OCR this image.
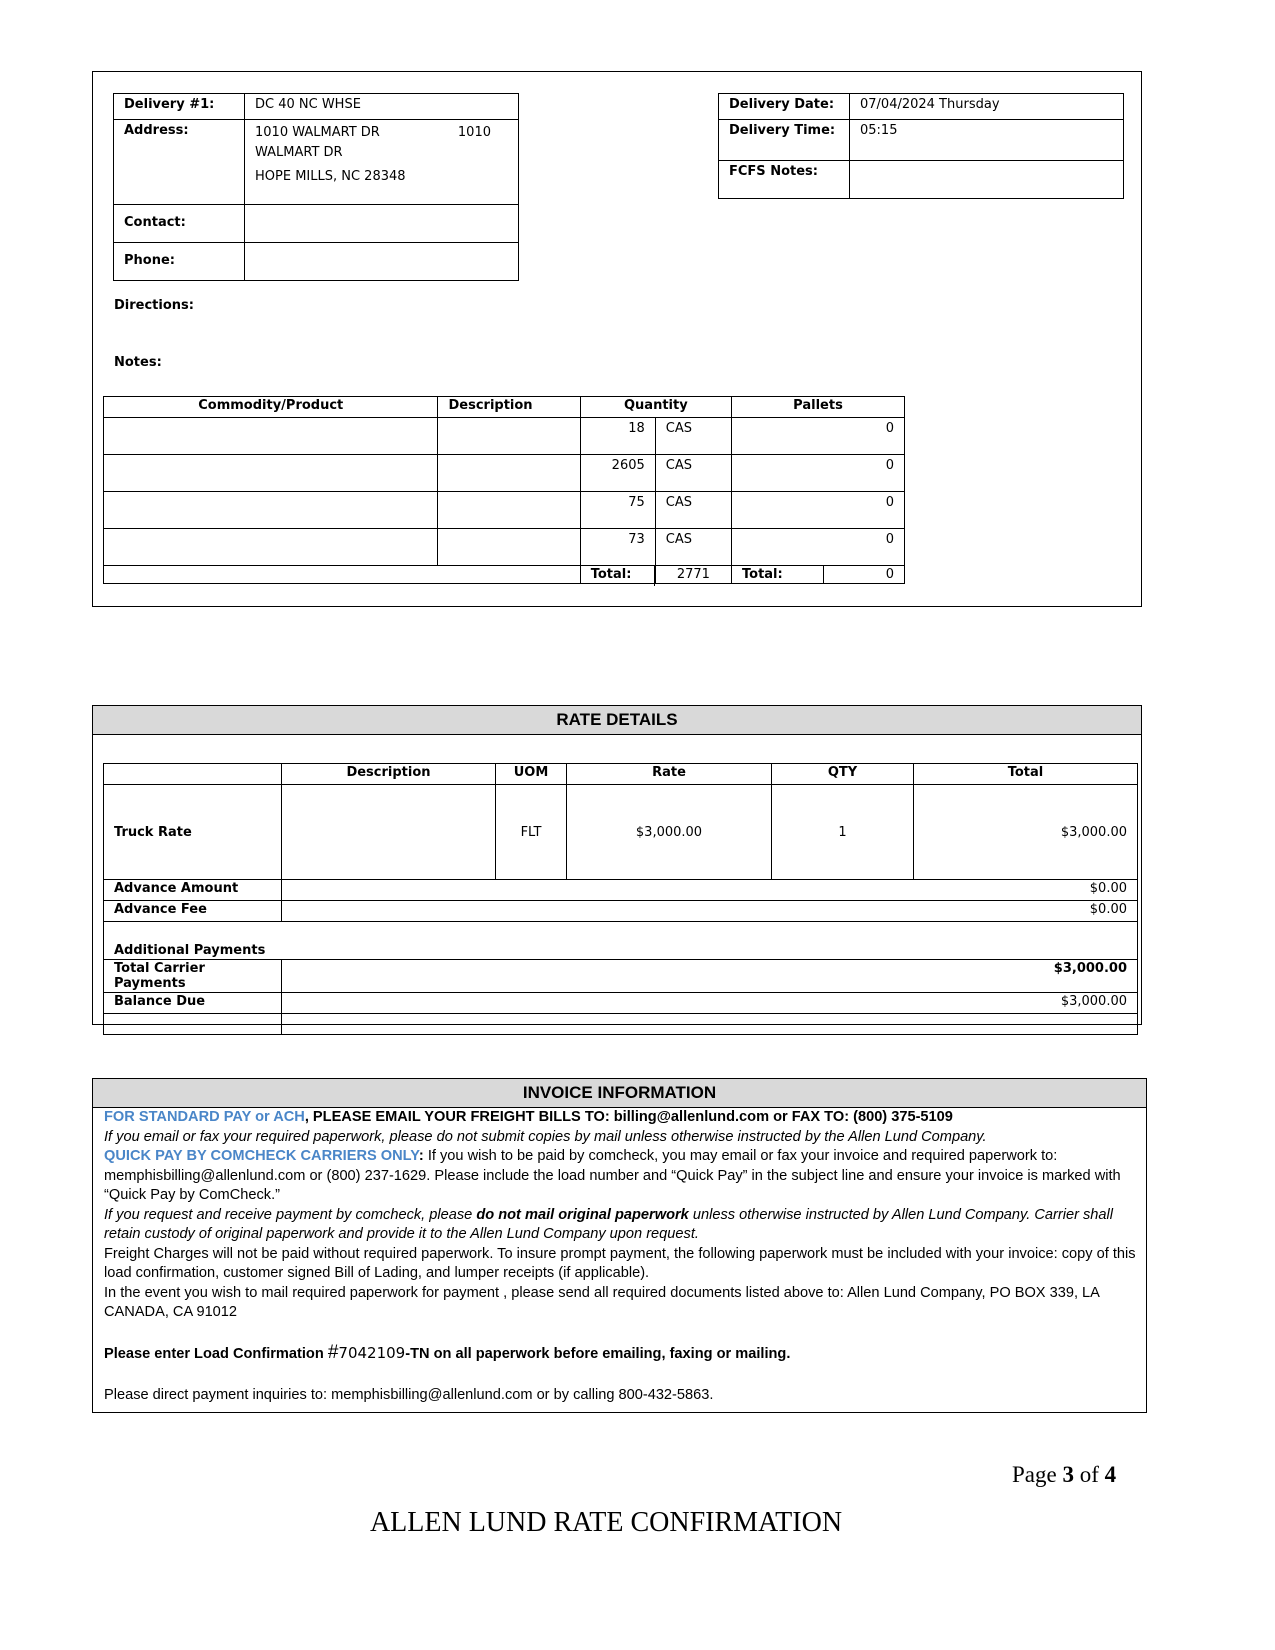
Delivery #1:	DC 40 NC WHSE
Address:	1010 WALMART DR 1010
WALMART DR
	HOPE MILLS, NC 28348
Contact:	
Phone:	
Delivery Date:	07/04/2024 Thursday
Delivery Time:	05:15
FCFS Notes:	
Directions:
Notes:
Commodity/Product	Description	Quantity		Pallets	
		18	CAS	0	
		2605	CAS	0	
		75	CAS	0	
		73	CAS	0	
		Total:	2771	Total:	0
RATE DETAILS
	Description	UOM	Rate	QTY	Total
Truck Rate		FLT	$3,000.00	1	$3,000.00
Advance Amount	$0.00				
Advance Fee	$0.00				
Additional Payments					
Total Carrier Payments	$3,000.00				
Balance Due	$3,000.00				

INVOICE INFORMATION
FOR STANDARD PAY or ACH, PLEASE EMAIL YOUR FREIGHT BILLS TO: billing@allenlund.com or FAX TO: (800) 375-5109
If you email or fax your required paperwork, please do not submit copies by mail unless otherwise instructed by the Allen Lund Company.
QUICK PAY BY COMCHECK CARRIERS ONLY: If you wish to be paid by comcheck, you may email or fax your invoice and required paperwork to: memphisbilling@allenlund.com or (800) 237-1629. Please include the load number and “Quick Pay” in the subject line and ensure your invoice is marked with “Quick Pay by ComCheck.”
If you request and receive payment by comcheck, please do not mail original paperwork unless otherwise instructed by Allen Lund Company. Carrier shall retain custody of original paperwork and provide it to the Allen Lund Company upon request.
Freight Charges will not be paid without required paperwork. To insure prompt payment, the following paperwork must be included with your invoice: copy of this load confirmation, customer signed Bill of Lading, and lumper receipts (if applicable).
In the event you wish to mail required paperwork for payment , please send all required documents listed above to: Allen Lund Company, PO BOX 339, LA CANADA, CA 91012
Please enter Load Confirmation #7042109-TN on all paperwork before emailing, faxing or mailing.
Please direct payment inquiries to: memphisbilling@allenlund.com or by calling 800-432-5863.
Page 3 of 4
ALLEN LUND RATE CONFIRMATION
